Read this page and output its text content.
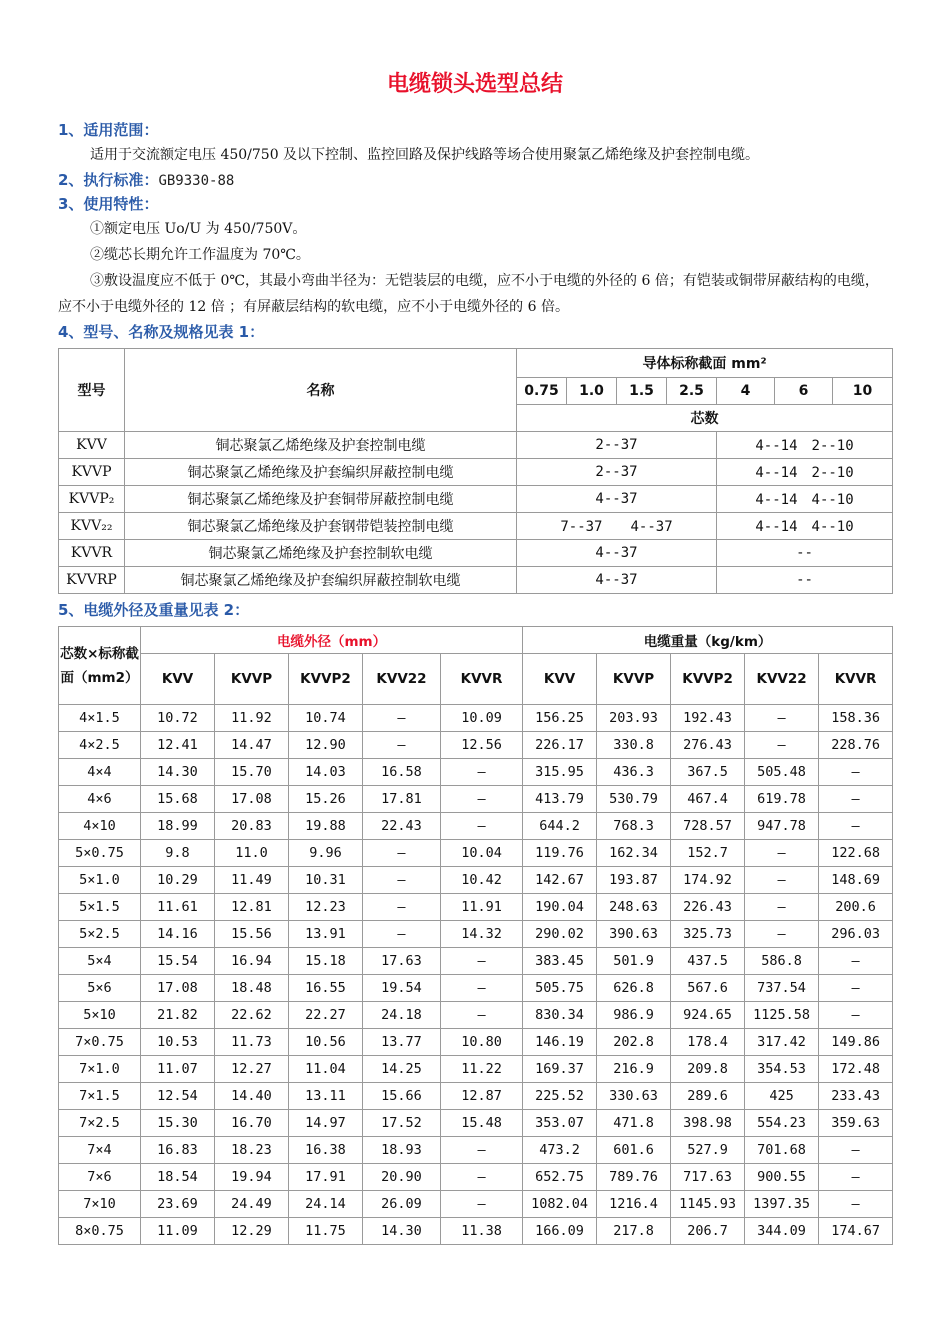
电缆锁头选型总结
1、适用范围：
适用于交流额定电压 450/750 及以下控制、监控回路及保护线路等场合使用聚氯乙烯绝缘及护套控制电缆。
2、执行标准：GB9330-88
3、使用特性：
①额定电压 Uo/U 为 450/750V。
②缆芯长期允许工作温度为 70℃。
③敷设温度应不低于 0℃，其最小弯曲半径为：无铠装层的电缆，应不小于电缆的外径的 6 倍；有铠装或铜带屏蔽结构的电缆，应不小于电缆外径的 12 倍 ；有屏蔽层结构的软电缆，应不小于电缆外径的 6 倍。
4、型号、名称及规格见表 1：
型号	名称	导体标称截面 mm²						
		0.75	1.0	1.5	2.5	4	6	10
		芯数						
KVV	铜芯聚氯乙烯绝缘及护套控制电缆	2--37				4--14　2--10		
KVVP	铜芯聚氯乙烯绝缘及护套编织屏蔽控制电缆	2--37				4--14　2--10		
KVVP₂	铜芯聚氯乙烯绝缘及护套铜带屏蔽控制电缆	4--37				4--14　4--10		
KVV₂₂	铜芯聚氯乙烯绝缘及护套钢带铠装控制电缆	7--37　　4--37				4--14　4--10		
KVVR	铜芯聚氯乙烯绝缘及护套控制软电缆	4--37				--		
KVVRP	铜芯聚氯乙烯绝缘及护套编织屏蔽控制软电缆	4--37				--		
5、电缆外径及重量见表 2：
芯数×标称截面（mm2）	电缆外径（mm）					电缆重量（kg/km）				
	KVV	KVVP	KVVP2	KVV22	KVVR	KVV	KVVP	KVVP2	KVV22	KVVR
4×1.5	10.72	11.92	10.74	–	10.09	156.25	203.93	192.43	–	158.36
4×2.5	12.41	14.47	12.90	–	12.56	226.17	330.8	276.43	–	228.76
4×4	14.30	15.70	14.03	16.58	–	315.95	436.3	367.5	505.48	–
4×6	15.68	17.08	15.26	17.81	–	413.79	530.79	467.4	619.78	–
4×10	18.99	20.83	19.88	22.43	–	644.2	768.3	728.57	947.78	–
5×0.75	9.8	11.0	9.96	–	10.04	119.76	162.34	152.7	–	122.68
5×1.0	10.29	11.49	10.31	–	10.42	142.67	193.87	174.92	–	148.69
5×1.5	11.61	12.81	12.23	–	11.91	190.04	248.63	226.43	–	200.6
5×2.5	14.16	15.56	13.91	–	14.32	290.02	390.63	325.73	–	296.03
5×4	15.54	16.94	15.18	17.63	–	383.45	501.9	437.5	586.8	–
5×6	17.08	18.48	16.55	19.54	–	505.75	626.8	567.6	737.54	–
5×10	21.82	22.62	22.27	24.18	–	830.34	986.9	924.65	1125.58	–
7×0.75	10.53	11.73	10.56	13.77	10.80	146.19	202.8	178.4	317.42	149.86
7×1.0	11.07	12.27	11.04	14.25	11.22	169.37	216.9	209.8	354.53	172.48
7×1.5	12.54	14.40	13.11	15.66	12.87	225.52	330.63	289.6	425	233.43
7×2.5	15.30	16.70	14.97	17.52	15.48	353.07	471.8	398.98	554.23	359.63
7×4	16.83	18.23	16.38	18.93	–	473.2	601.6	527.9	701.68	–
7×6	18.54	19.94	17.91	20.90	–	652.75	789.76	717.63	900.55	–
7×10	23.69	24.49	24.14	26.09	–	1082.04	1216.4	1145.93	1397.35	–
8×0.75	11.09	12.29	11.75	14.30	11.38	166.09	217.8	206.7	344.09	174.67
